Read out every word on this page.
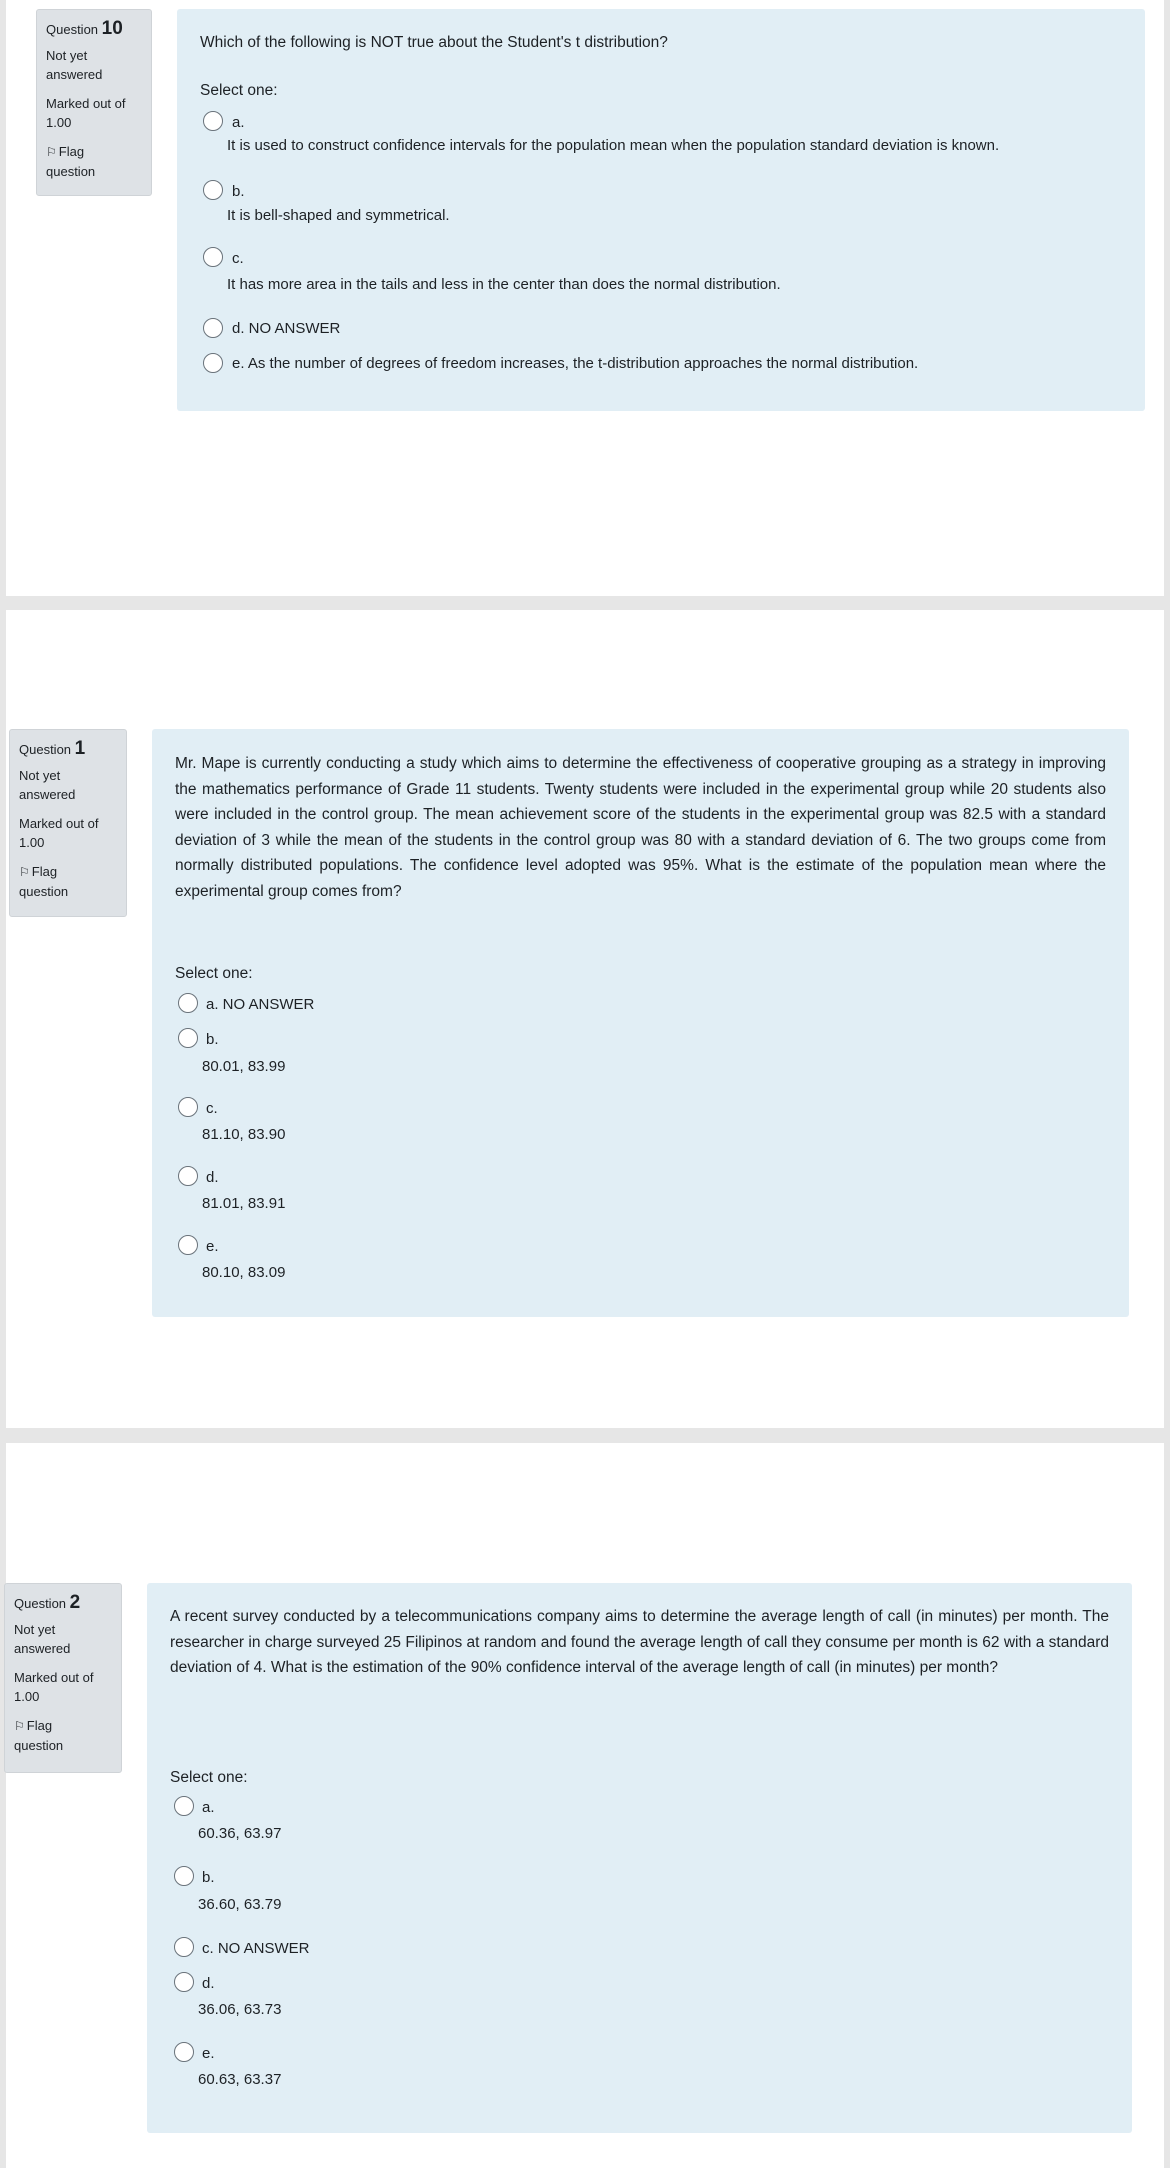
Question 10
Not yet
answered
Marked out of
1.00
⚐ Flag
question
Which of the following is NOT true about the Student's t distribution?
Select one:
a.
It is used to construct confidence intervals for the population mean when the population standard deviation is known.
b.
It is bell-shaped and symmetrical.
c.
It has more area in the tails and less in the center than does the normal distribution.
d. NO ANSWER
e. As the number of degrees of freedom increases, the t-distribution approaches the normal distribution.
Question 1
Not yet
answered
Marked out of
1.00
⚐ Flag
question
Mr. Mape is currently conducting a study which aims to determine the effectiveness of cooperative grouping as a strategy in improving the mathematics performance of Grade 11 students. Twenty students were included in the experimental group while 20 students also were included in the control group. The mean achievement score of the students in the experimental group was 82.5 with a standard deviation of 3 while the mean of the students in the control group was 80 with a standard deviation of 6. The two groups come from normally distributed populations. The confidence level adopted was 95%. What is the estimate of the population mean where the experimental group comes from?
Select one:
a. NO ANSWER
b.
80.01, 83.99
c.
81.10, 83.90
d.
81.01, 83.91
e.
80.10, 83.09
Question 2
Not yet
answered
Marked out of
1.00
⚐ Flag
question
A recent survey conducted by a telecommunications company aims to determine the average length of call (in minutes) per month. The researcher in charge surveyed 25 Filipinos at random and found the average length of call they consume per month is 62 with a standard deviation of 4. What is the estimation of the 90% confidence interval of the average length of call (in minutes) per month?
Select one:
a.
60.36, 63.97
b.
36.60, 63.79
c. NO ANSWER
d.
36.06, 63.73
e.
60.63, 63.37
